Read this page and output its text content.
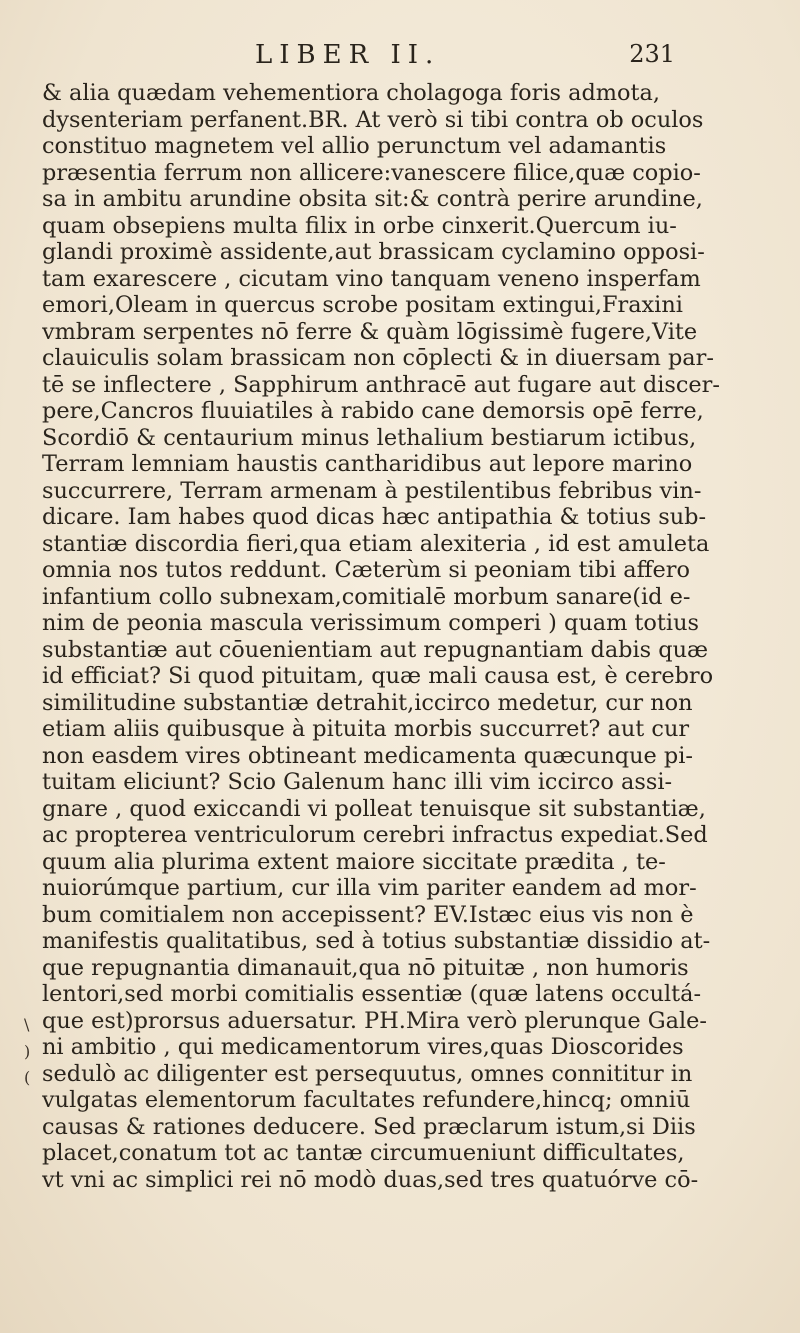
LIBER II.	231
\
)
(
& alia quædam vehementiora cholagoga foris admota,
dysenteriam perfanent.BR. At verò si tibi contra ob oculos
constituo magnetem vel allio perunctum vel adamantis
præsentia ferrum non allicere:vanescere filice,quæ copio-
sa in ambitu arundine obsita sit:& contrà perire arundine,
quam obsepiens multa filix in orbe cinxerit.Quercum iu-
glandi proximè assidente,aut brassicam cyclamino opposi-
tam exarescere , cicutam vino tanquam veneno insperfam
emori,Oleam in quercus scrobe positam extingui,Fraxini
vmbram serpentes nō ferre & quàm lōgissimè fugere,Vite
clauiculis solam brassicam non cōplecti & in diuersam par-
tē se inflectere , Sapphirum anthracē aut fugare aut discer-
pere,Cancros fluuiatiles à rabido cane demorsis opē ferre,
Scordiō & centaurium minus lethalium bestiarum ictibus,
Terram lemniam haustis cantharidibus aut lepore marino
succurrere, Terram armenam à pestilentibus febribus vin-
dicare. Iam habes quod dicas hæc antipathia & totius sub-
stantiæ discordia fieri,qua etiam alexiteria , id est amuleta
omnia nos tutos reddunt. Cæterùm si peoniam tibi affero
infantium collo subnexam,comitialē morbum sanare(id e-
nim de peonia masculа verissimum comperi ) quam totius
substantiæ aut cōuenientiam aut repugnantiam dabis quæ
id efficiat? Si quod pituitam, quæ mali causa est, è cerebro
similitudine substantiæ detrahit,iccirco medetur, cur non
etiam aliis quibusque à pituita morbis succurret? aut cur
non easdem vires obtineant medicamenta quæcunque pi-
tuitam eliciunt? Scio Galenum hanc illi vim iccirco assi-
gnare , quod exiccandi vi polleat tenuisque sit substantiæ,
ac propterea ventriculorum cerebri infractus expediat.Sed
quum alia plurima extent maiore siccitate prædita , te-
nuiorúmque partium, cur illa vim pariter eandem ad mor-
bum comitialem non accepissent? EV.Istæc eius vis non è
manifestis qualitatibus, sed à totius substantiæ dissidio at-
que repugnantia dimanauit,qua nō pituitæ , non humoris
lentori,sed morbi comitialis essentiæ (quæ latens occultá-
que est)prorsus aduersatur. PH.Mira verò plerunque Gale-
ni ambitio , qui medicamentorum vires,quas Dioscorides
sedulò ac diligenter est persequutus, omnes connititur in
vulgatas elementorum facultates refundere,hincq; omniū
causas & rationes deducere. Sed præclarum istum,si Diis
placet,conatum tot ac tantæ circumueniunt difficultates,
vt vni ac simplici rei nō modò duas,sed tres quatuórve cō-
